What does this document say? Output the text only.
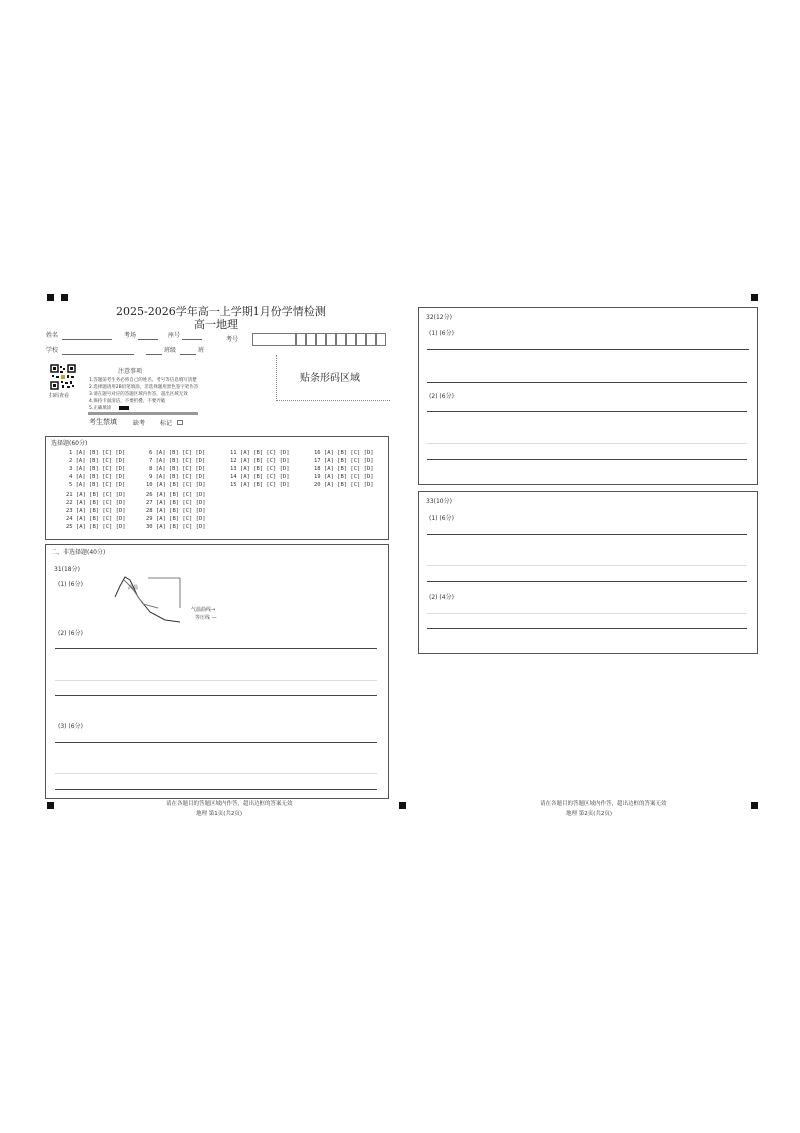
2025-2026学年高一上学期1月份学情检测
高一地理
姓名	考场	座号
学校	班级	班
考号
扫码查看
注意事项
1.答题前考生务必将自己的姓名、考号等信息填写清楚
2.选择题请用2B铅笔填涂，非选择题用黑色签字笔作答
3.请在题号对应的答题区域内作答，超出区域无效
4.保持卡面清洁，不要折叠、不要弄破
5.正确填涂
考生禁填	缺考 标记
贴条形码区域
选择题(60分)
1 [A] [B] [C] [D]
2 [A] [B] [C] [D]
3 [A] [B] [C] [D]
4 [A] [B] [C] [D]
5 [A] [B] [C] [D]
6 [A] [B] [C] [D]
7 [A] [B] [C] [D]
8 [A] [B] [C] [D]
9 [A] [B] [C] [D]
10 [A] [B] [C] [D]
11 [A] [B] [C] [D]
12 [A] [B] [C] [D]
13 [A] [B] [C] [D]
14 [A] [B] [C] [D]
15 [A] [B] [C] [D]
16 [A] [B] [C] [D]
17 [A] [B] [C] [D]
18 [A] [B] [C] [D]
19 [A] [B] [C] [D]
20 [A] [B] [C] [D]
21 [A] [B] [C] [D]
22 [A] [B] [C] [D]
23 [A] [B] [C] [D]
24 [A] [B] [C] [D]
25 [A] [B] [C] [D]
26 [A] [B] [C] [D]
27 [A] [B] [C] [D]
28 [A] [B] [C] [D]
29 [A] [B] [C] [D]
30 [A] [B] [C] [D]
二、非选择题(40分)
31(18分)
(1) (6分)	高温
气温曲线→
等压线 —
(2) (6分)
(3) (6分)
32(12分)
(1) (6分)
(2) (6分)
33(10分)
(1) (6分)
(2) (4分)
请在各题目的答题区域内作答，超出边框的答案无效
地理 第1页(共2页)
请在各题目的答题区域内作答，超出边框的答案无效
地理 第2页(共2页)
